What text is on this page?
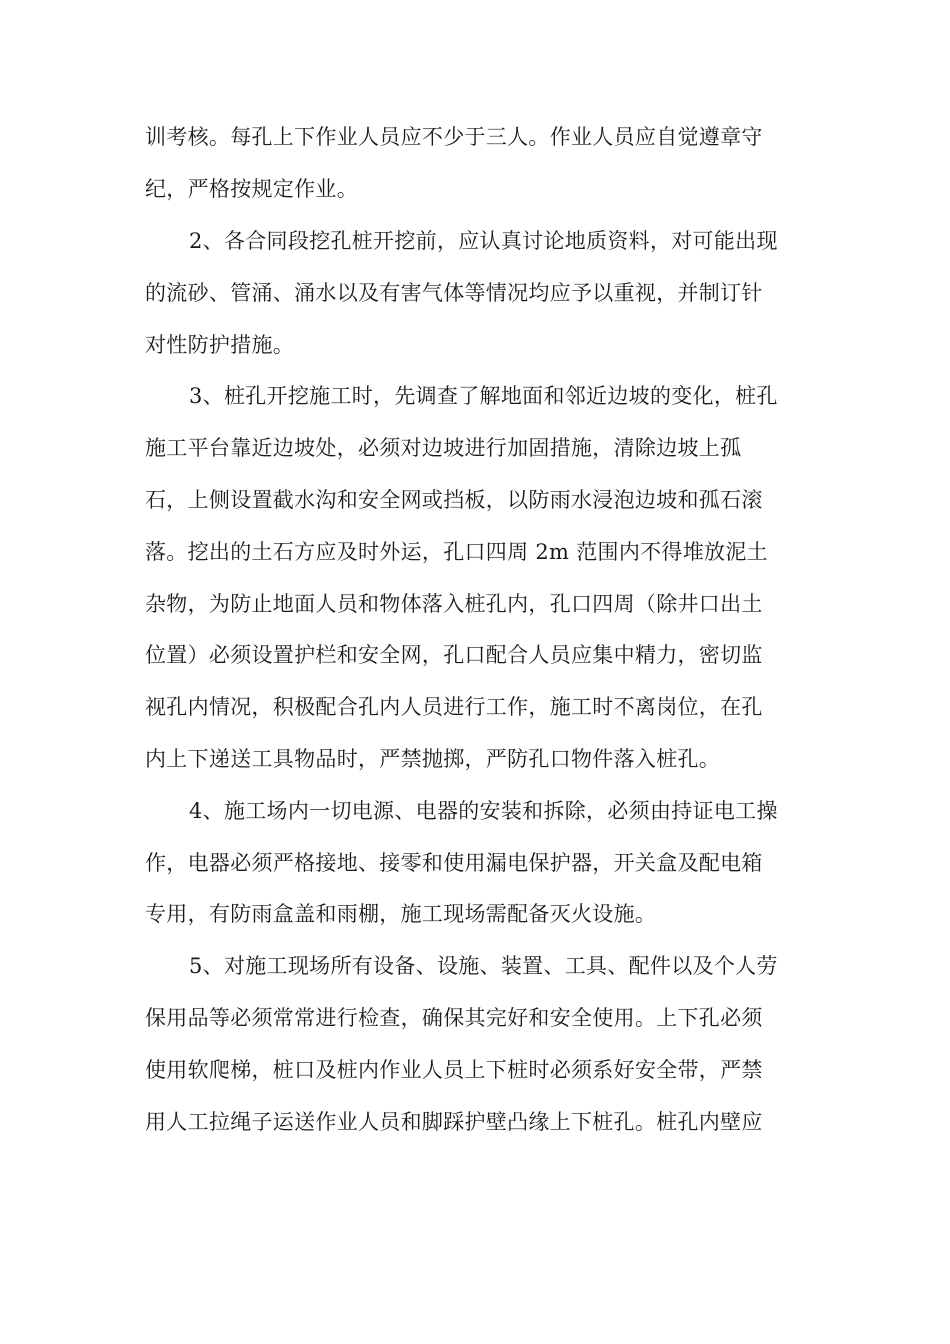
训考核。每孔上下作业人员应不少于三人。作业人员应自觉遵章守
纪，严格按规定作业。
2、各合同段挖孔桩开挖前，应认真讨论地质资料，对可能出现
的流砂、管涌、涌水以及有害气体等情况均应予以重视，并制订针
对性防护措施。
3、桩孔开挖施工时，先调查了解地面和邻近边坡的变化，桩孔
施工平台靠近边坡处，必须对边坡进行加固措施，清除边坡上孤
石，上侧设置截水沟和安全网或挡板，以防雨水浸泡边坡和孤石滚
落。挖出的土石方应及时外运，孔口四周 2m 范围内不得堆放泥土
杂物，为防止地面人员和物体落入桩孔内，孔口四周（除井口出土
位置）必须设置护栏和安全网，孔口配合人员应集中精力，密切监
视孔内情况，积极配合孔内人员进行工作，施工时不离岗位，在孔
内上下递送工具物品时，严禁抛掷，严防孔口物件落入桩孔。
4、施工场内一切电源、电器的安装和拆除，必须由持证电工操
作，电器必须严格接地、接零和使用漏电保护器，开关盒及配电箱
专用，有防雨盒盖和雨棚，施工现场需配备灭火设施。
5、对施工现场所有设备、设施、装置、工具、配件以及个人劳
保用品等必须常常进行检查，确保其完好和安全使用。上下孔必须
使用软爬梯，桩口及桩内作业人员上下桩时必须系好安全带，严禁
用人工拉绳子运送作业人员和脚踩护壁凸缘上下桩孔。桩孔内壁应
